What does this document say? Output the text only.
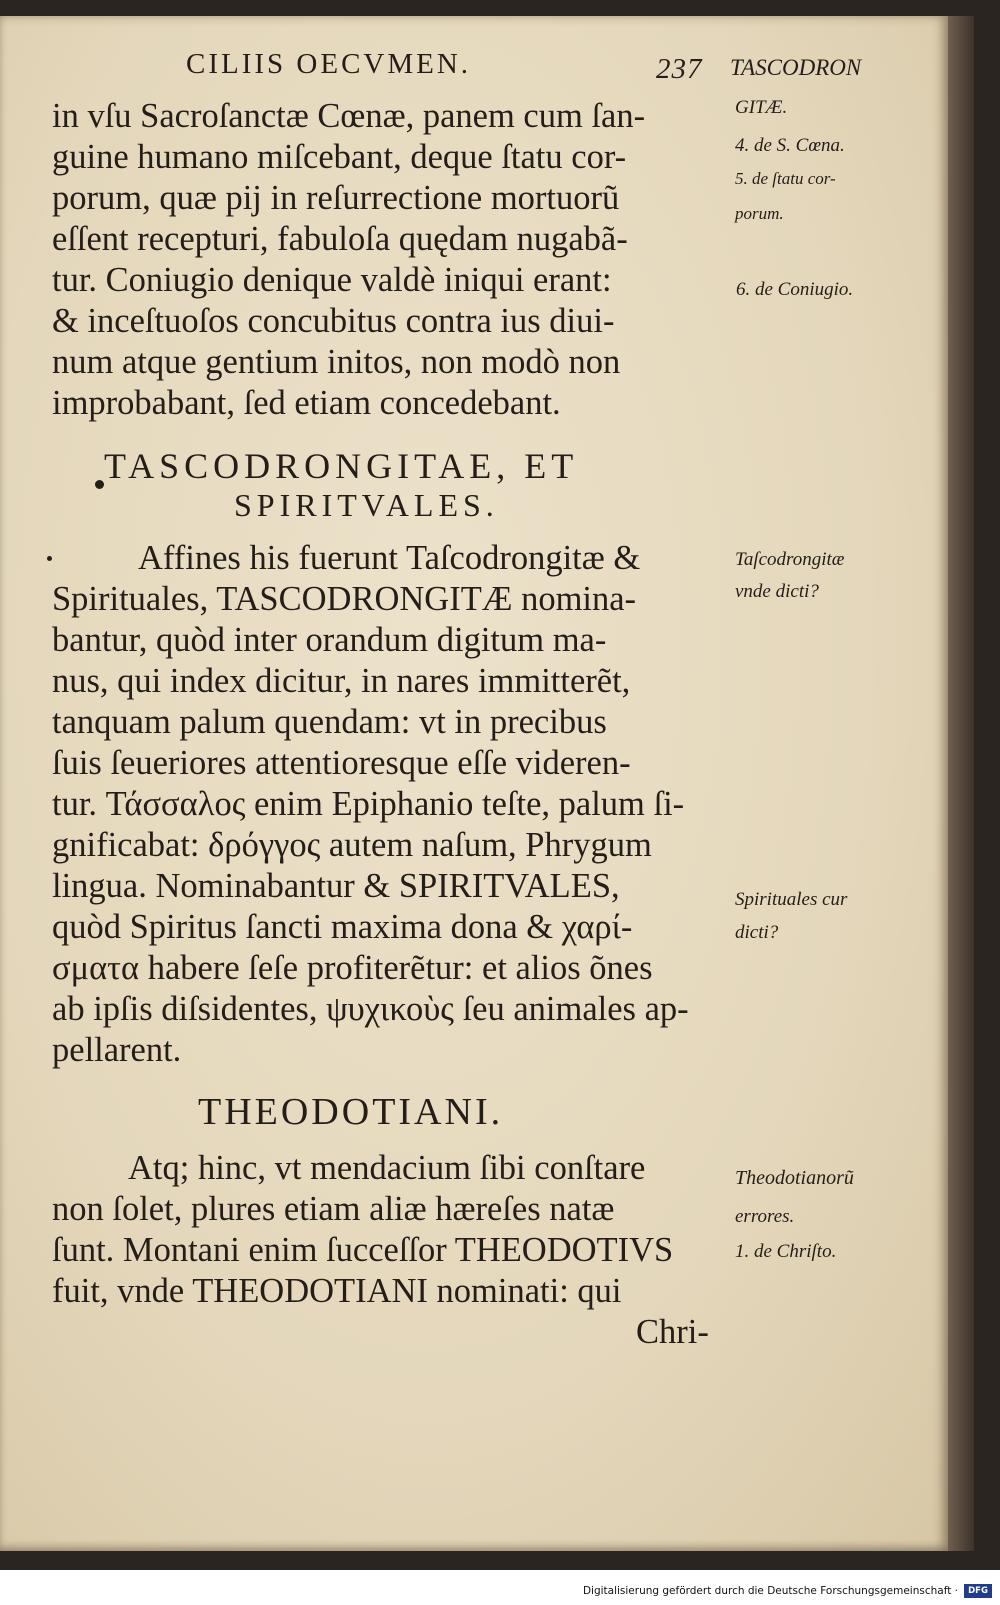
CILIIS OECVMEN.	237
in vſu Sacroſanctæ Cœnæ, panem cum ſan-
guine humano miſcebant, deque ſtatu cor-
porum, quæ pij in reſurrectione mortuorũ
eſſent recepturi, fabuloſa quędam nugabã-
tur. Coniugio denique valdè iniqui erant:
& inceſtuoſos concubitus contra ius diui-
num atque gentium initos, non modò non
improbabant, ſed etiam concedebant.
TASCODRONGITAE, ET
SPIRITVALES.
Affines his fuerunt Taſcodrongitæ &
Spirituales, TASCODRONGITÆ nomina-
bantur, quòd inter orandum digitum ma-
nus, qui index dicitur, in nares immitterẽt,
tanquam palum quendam: vt in precibus
ſuis ſeueriores attentioresque eſſe videren-
tur. Τάσσαλος enim Epiphanio teſte, palum ſi-
gnificabat: δρόγγος autem naſum, Phrygum
lingua. Nominabantur & SPIRITVALES,
quòd Spiritus ſancti maxima dona & χαρί-
σματα habere ſeſe profiterẽtur: et alios õnes
ab ipſis diſsidentes, ψυχικοὺς ſeu animales ap-
pellarent.
THEODOTIANI.
Atq; hinc, vt mendacium ſibi conſtare
non ſolet, plures etiam aliæ hæreſes natæ
ſunt. Montani enim ſucceſſor THEODOTIVS
fuit, vnde THEODOTIANI nominati: qui
Chri-
TASCODRON
GITÆ.
4. de S. Cœna.
5. de ſtatu cor-
porum.
6. de Coniugio.
Taſcodrongitæ
vnde dicti?
Spirituales cur
dicti?
Theodotianorũ
errores.
1. de Chriſto.
Digitalisierung gefördert durch die Deutsche Forschungsgemeinschaft ·	DFG
